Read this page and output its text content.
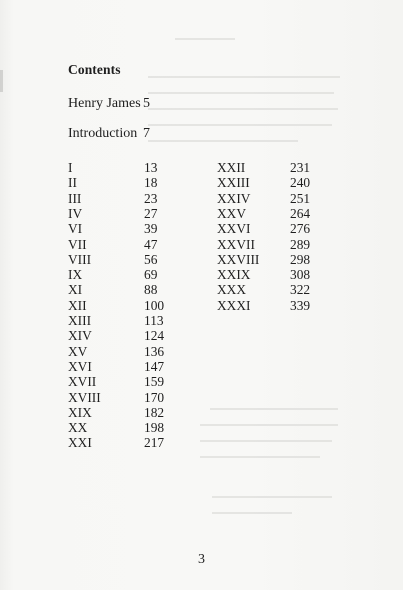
Contents
Henry James 5
Introduction 7
I	13
II	18
III	23
IV	27
VI	39
VII	47
VIII	56
IX	69
XI	88
XII	100
XIII	113
XIV	124
XV	136
XVI	147
XVII	159
XVIII	170
XIX	182
XX	198
XXI	217
XXII	231
XXIII	240
XXIV	251
XXV	264
XXVI	276
XXVII	289
XXVIII 298
XXIX	308
XXX	322
XXXI	339
3
